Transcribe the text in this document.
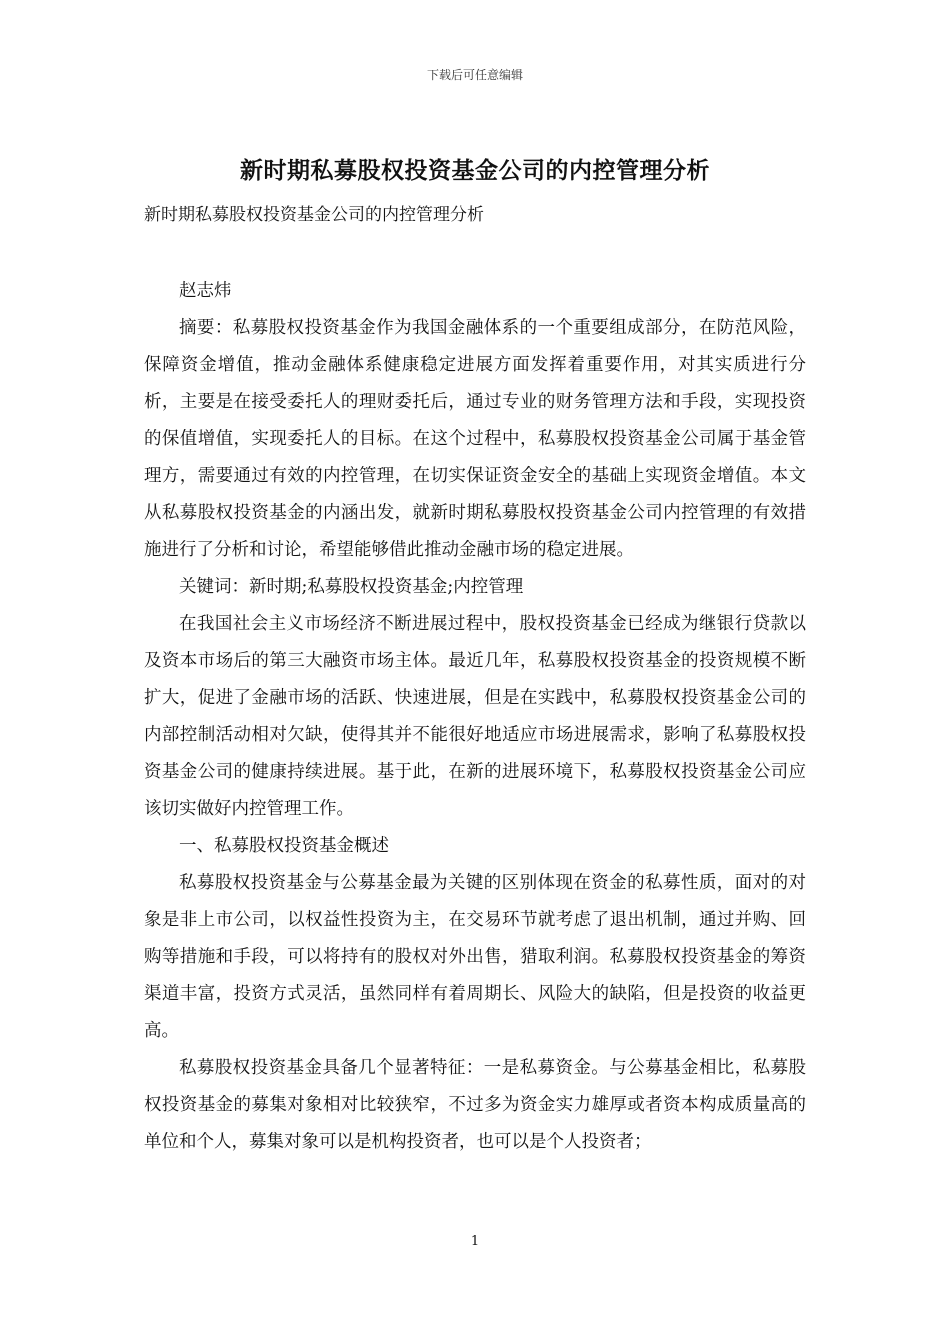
下载后可任意编辑
新时期私募股权投资基金公司的内控管理分析
新时期私募股权投资基金公司的内控管理分析

赵志炜

摘要：私募股权投资基金作为我国金融体系的一个重要组成部分，在防范风险，保障资金增值，推动金融体系健康稳定进展方面发挥着重要作用，对其实质进行分析，主要是在接受委托人的理财委托后，通过专业的财务管理方法和手段，实现投资的保值增值，实现委托人的目标。在这个过程中，私募股权投资基金公司属于基金管理方，需要通过有效的内控管理，在切实保证资金安全的基础上实现资金增值。本文从私募股权投资基金的内涵出发，就新时期私募股权投资基金公司内控管理的有效措施进行了分析和讨论，希望能够借此推动金融市场的稳定进展。

关键词：新时期;私募股权投资基金;内控管理

在我国社会主义市场经济不断进展过程中，股权投资基金已经成为继银行贷款以及资本市场后的第三大融资市场主体。最近几年，私募股权投资基金的投资规模不断扩大，促进了金融市场的活跃、快速进展，但是在实践中，私募股权投资基金公司的内部控制活动相对欠缺，使得其并不能很好地适应市场进展需求，影响了私募股权投资基金公司的健康持续进展。基于此，在新的进展环境下，私募股权投资基金公司应该切实做好内控管理工作。

一、私募股权投资基金概述

私募股权投资基金与公募基金最为关键的区别体现在资金的私募性质，面对的对象是非上市公司，以权益性投资为主，在交易环节就考虑了退出机制，通过并购、回购等措施和手段，可以将持有的股权对外出售，猎取利润。私募股权投资基金的筹资渠道丰富，投资方式灵活，虽然同样有着周期长、风险大的缺陷，但是投资的收益更高。

私募股权投资基金具备几个显著特征：一是私募资金。与公募基金相比，私募股权投资基金的募集对象相对比较狭窄，不过多为资金实力雄厚或者资本构成质量高的单位和个人，募集对象可以是机构投资者，也可以是个人投资者；

1
